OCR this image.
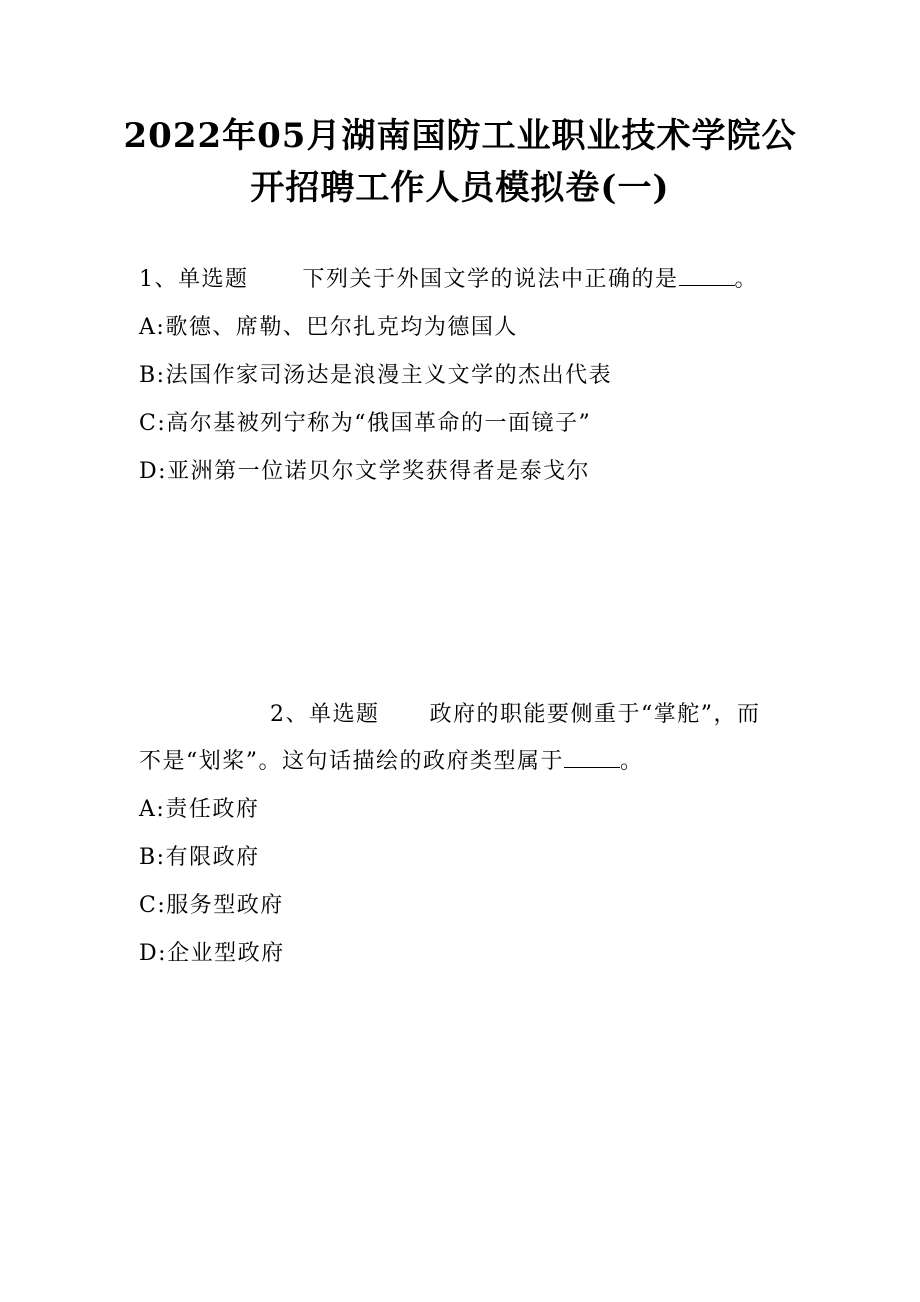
2022年05月湖南国防工业职业技术学院公
开招聘工作人员模拟卷(一)
1、单选题 下列关于外国文学的说法中正确的是	。
A:歌德、席勒、巴尔扎克均为德国人
B:法国作家司汤达是浪漫主义文学的杰出代表
C:高尔基被列宁称为“俄国革命的一面镜子”
D:亚洲第一位诺贝尔文学奖获得者是泰戈尔
2、单选题 政府的职能要侧重于“掌舵”，而
不是“划桨”。这句话描绘的政府类型属于	。
A:责任政府
B:有限政府
C:服务型政府
D:企业型政府
